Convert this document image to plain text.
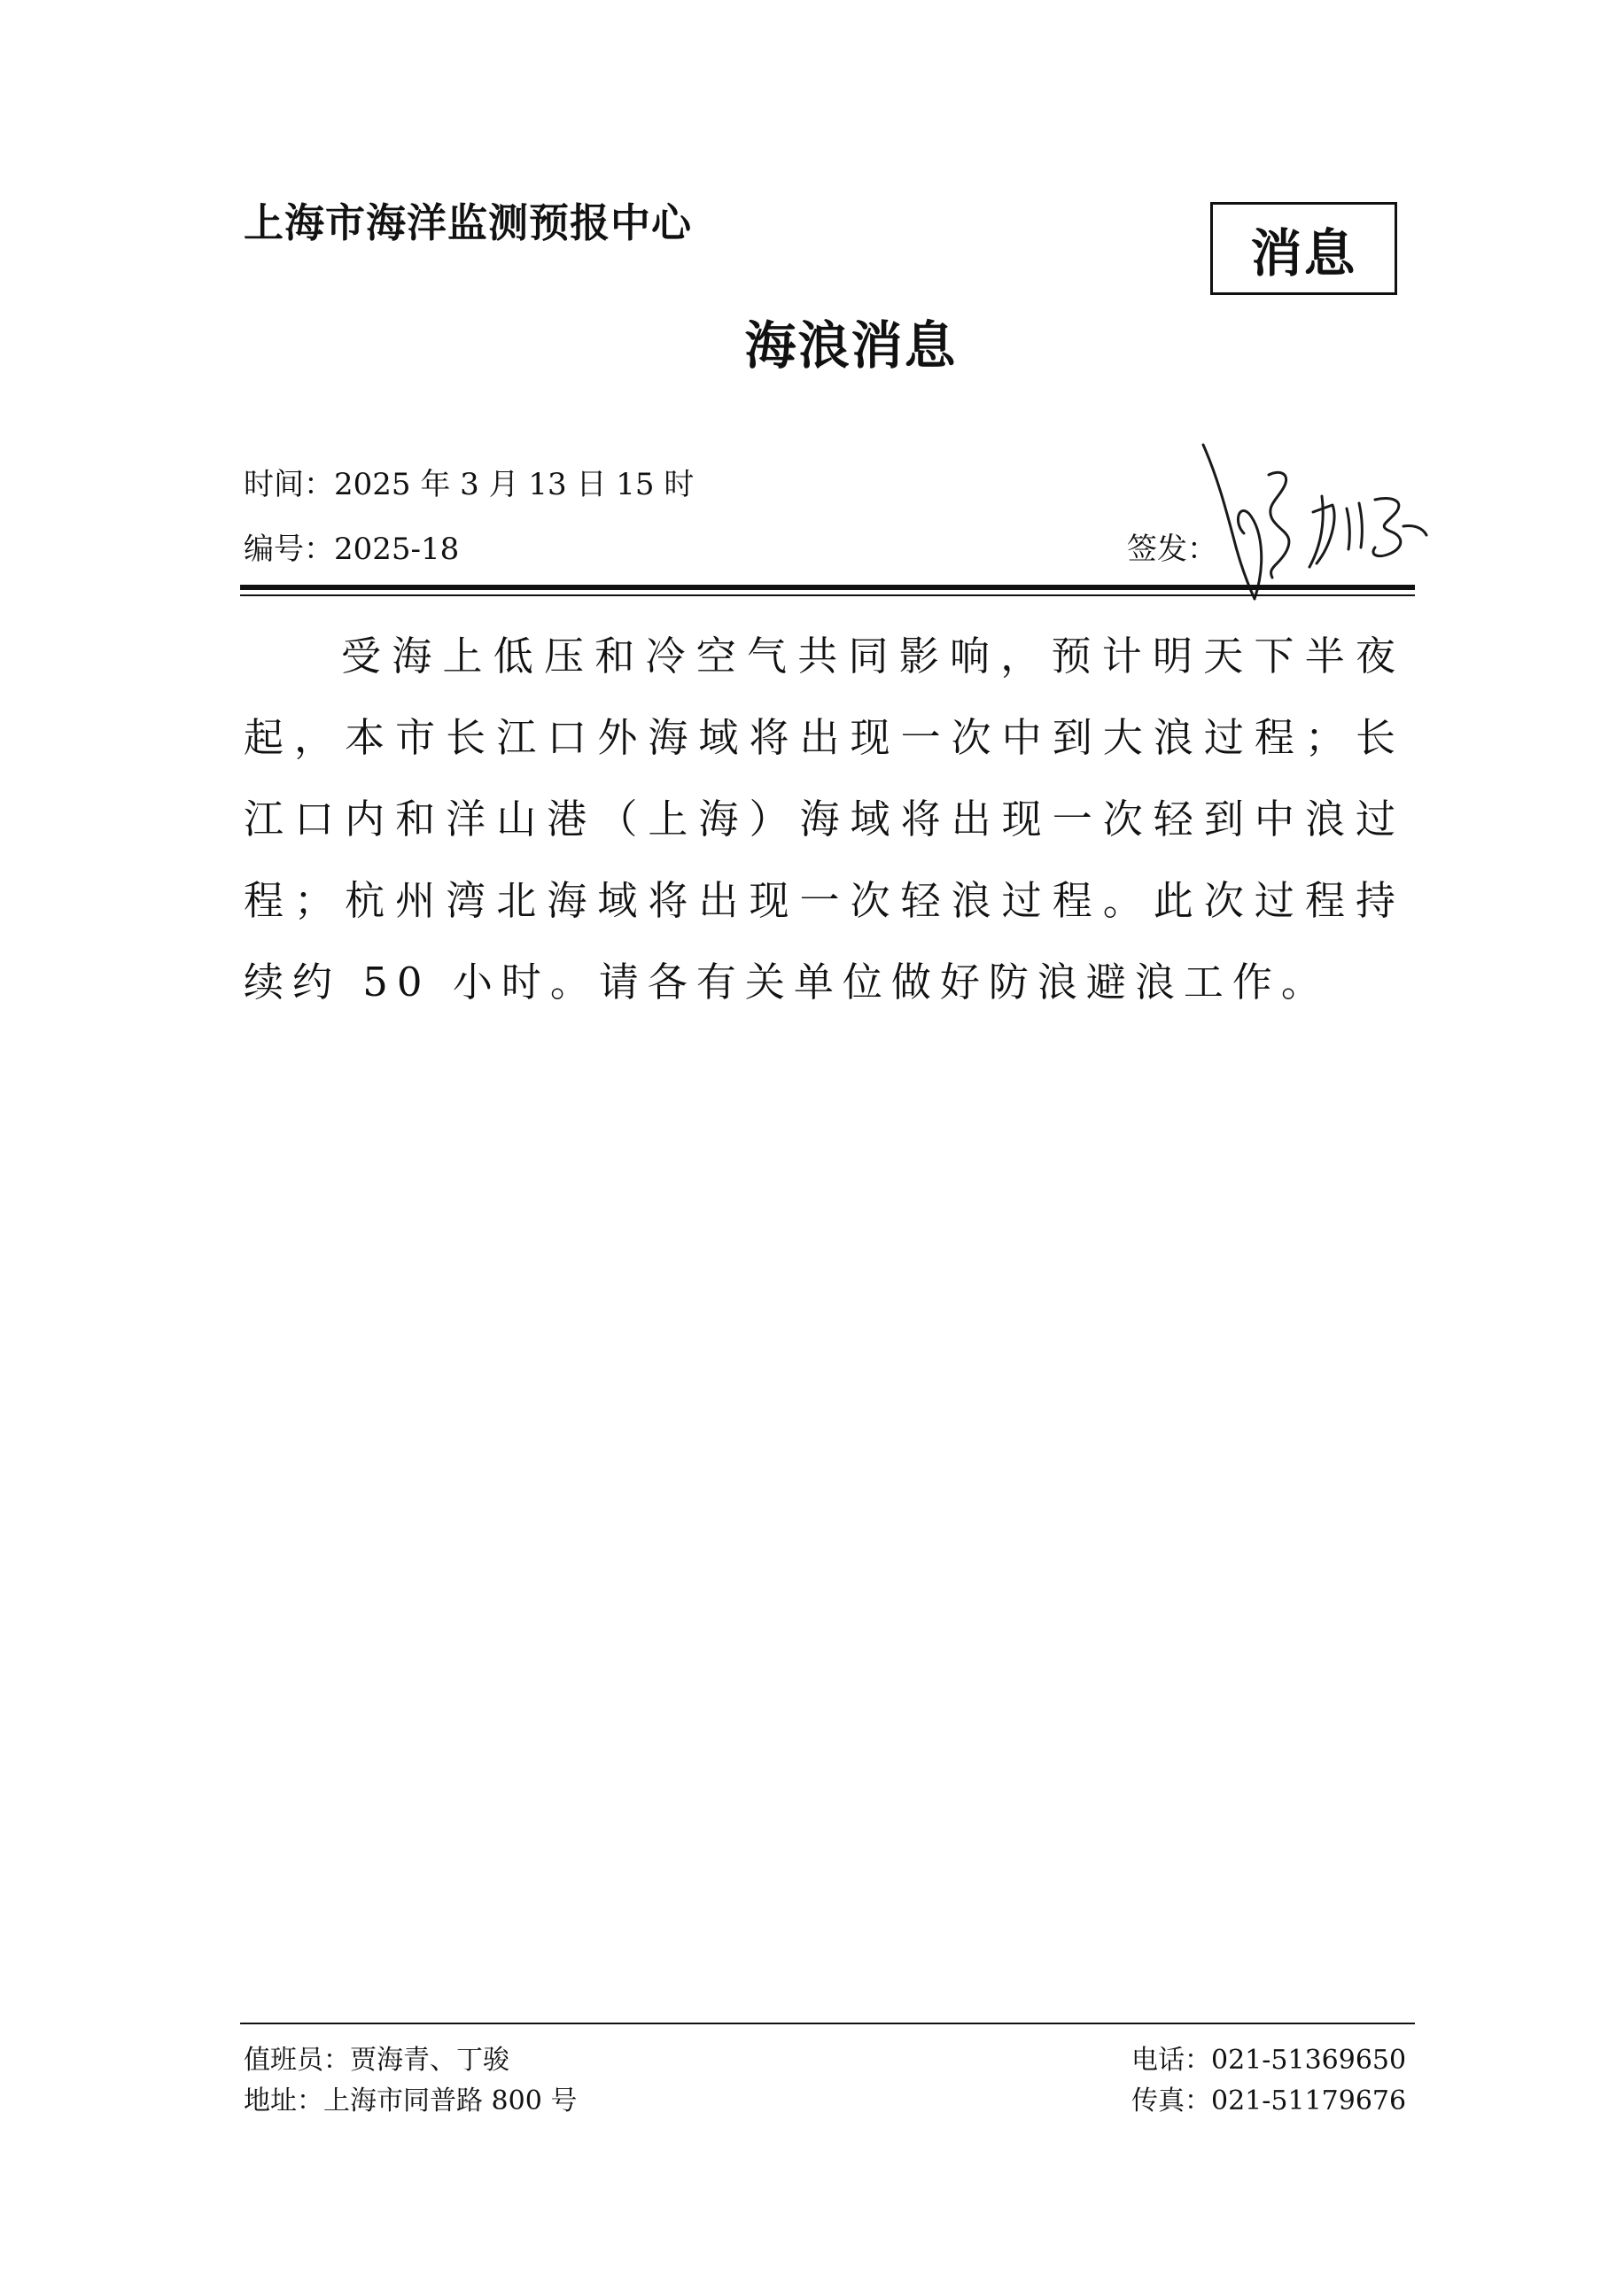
上海市海洋监测预报中心	消息
海浪消息
时间：2025 年 3 月 13 日 15 时
编号：2025-18	签发：
受海上低压和冷空气共同影响，预计明天下半夜起，本市长江口外海域将出现一次中到大浪过程；长江口内和洋山港（上海）海域将出现一次轻到中浪过程；杭州湾北海域将出现一次轻浪过程。此次过程持续约 50 小时。请各有关单位做好防浪避浪工作。
值班员：贾海青、丁骏
地址：上海市同普路 800 号
电话：021-51369650
传真：021-51179676
